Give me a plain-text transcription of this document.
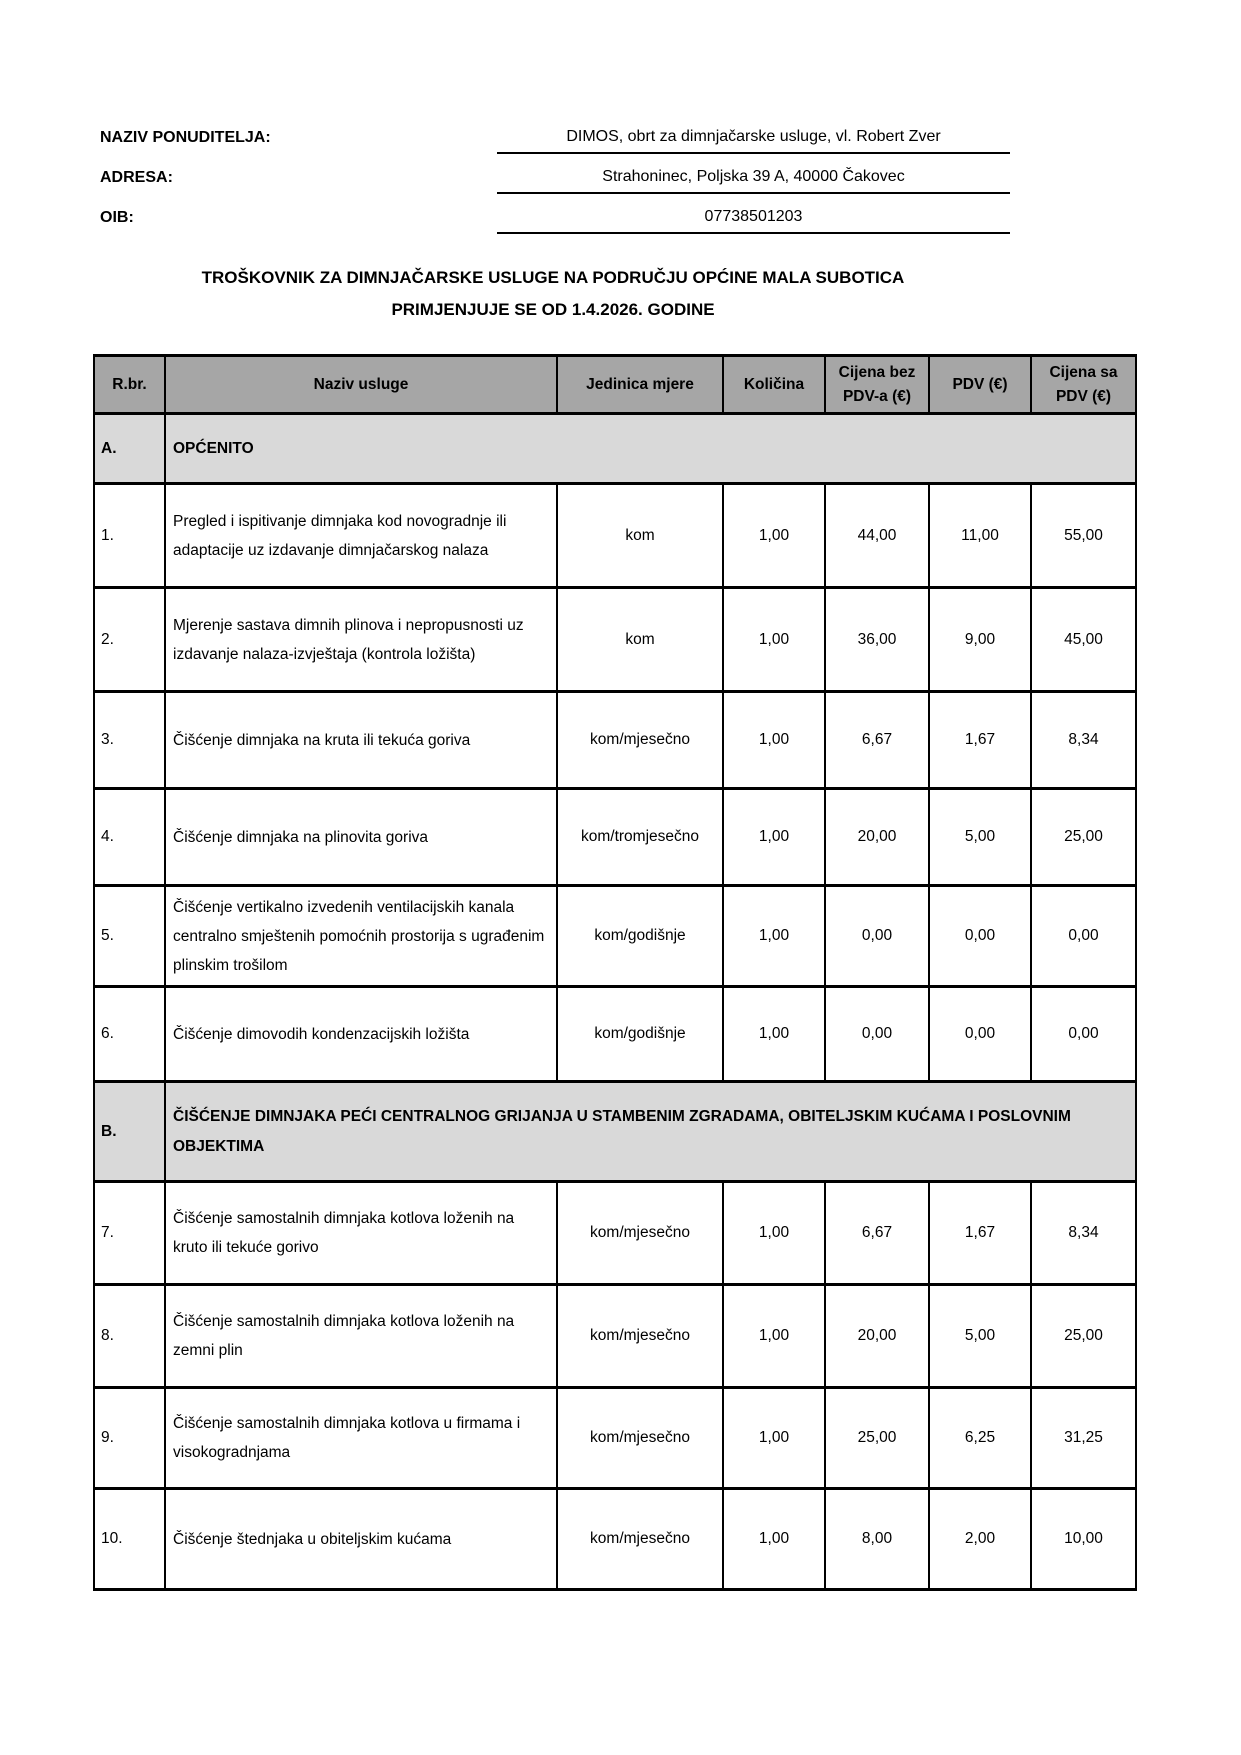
NAZIV PONUDITELJA:	DIMOS, obrt za dimnjačarske usluge, vl. Robert Zver
ADRESA:	Strahoninec, Poljska 39 A, 40000 Čakovec
OIB:	07738501203
TROŠKOVNIK ZA DIMNJAČARSKE USLUGE NA PODRUČJU OPĆINE MALA SUBOTICA
PRIMJENJUJE SE OD 1.4.2026. GODINE
R.br.	Naziv usluge	Jedinica mjere	Količina	Cijena bez PDV-a (€)	PDV (€)	Cijena sa PDV (€)
A.	OPĆENITO					
1.	Pregled i ispitivanje dimnjaka kod novogradnje ili adaptacije uz izdavanje dimnjačarskog nalaza	kom	1,00	44,00	11,00	55,00
2.	Mjerenje sastava dimnih plinova i nepropusnosti uz izdavanje nalaza-izvještaja (kontrola ložišta)	kom	1,00	36,00	9,00	45,00
3.	Čišćenje dimnjaka na kruta ili tekuća goriva	kom/mjesečno	1,00	6,67	1,67	8,34
4.	Čišćenje dimnjaka na plinovita goriva	kom/tromjesečno	1,00	20,00	5,00	25,00
5.	Čišćenje vertikalno izvedenih ventilacijskih kanala centralno smještenih pomoćnih prostorija s ugrađenim plinskim trošilom	kom/godišnje	1,00	0,00	0,00	0,00
6.	Čišćenje dimovodih kondenzacijskih ložišta	kom/godišnje	1,00	0,00	0,00	0,00
B.	ČIŠĆENJE DIMNJAKA PEĆI CENTRALNOG GRIJANJA U STAMBENIM ZGRADAMA, OBITELJSKIM KUĆAMA I POSLOVNIM OBJEKTIMA					
7.	Čišćenje samostalnih dimnjaka kotlova loženih na kruto ili tekuće gorivo	kom/mjesečno	1,00	6,67	1,67	8,34
8.	Čišćenje samostalnih dimnjaka kotlova loženih na zemni plin	kom/mjesečno	1,00	20,00	5,00	25,00
9.	Čišćenje samostalnih dimnjaka kotlova u firmama i visokogradnjama	kom/mjesečno	1,00	25,00	6,25	31,25
10.	Čišćenje štednjaka u obiteljskim kućama	kom/mjesečno	1,00	8,00	2,00	10,00
